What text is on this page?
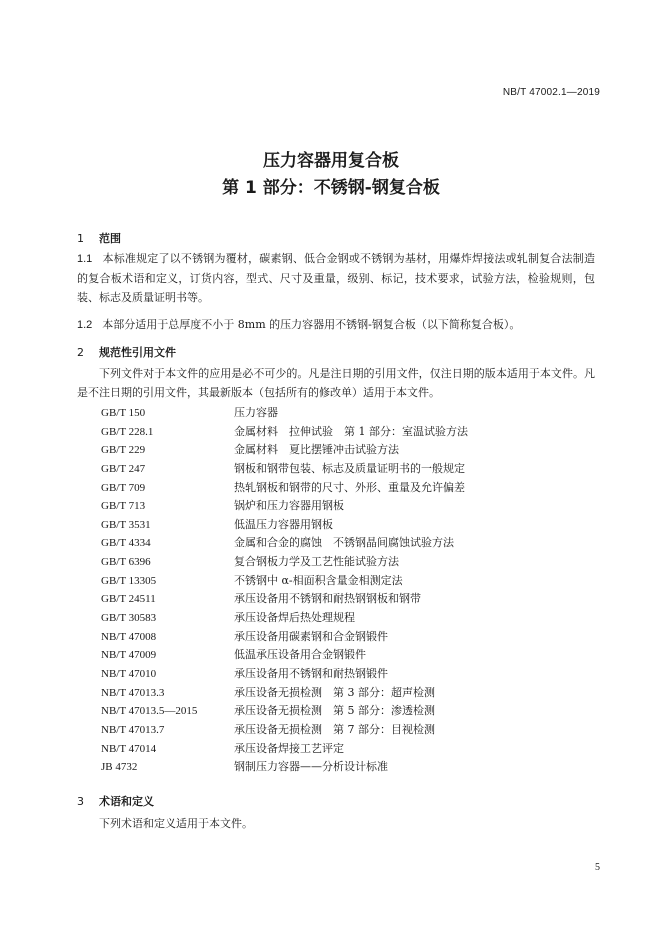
NB/T 47002.1—2019
压力容器用复合板
第 1 部分：不锈钢-钢复合板
1 范围
1.1 本标准规定了以不锈钢为覆材，碳素钢、低合金钢或不锈钢为基材，用爆炸焊接法或轧制复合法制造的复合板术语和定义，订货内容，型式、尺寸及重量，级别、标记，技术要求，试验方法，检验规则，包装、标志及质量证明书等。
1.2 本部分适用于总厚度不小于 8mm 的压力容器用不锈钢-钢复合板（以下简称复合板）。
2 规范性引用文件
下列文件对于本文件的应用是必不可少的。凡是注日期的引用文件，仅注日期的版本适用于本文件。凡是不注日期的引用文件，其最新版本（包括所有的修改单）适用于本文件。
GB/T 150	压力容器
GB/T 228.1	金属材料　拉伸试验　第 1 部分：室温试验方法
GB/T 229	金属材料　夏比摆锤冲击试验方法
GB/T 247	钢板和钢带包装、标志及质量证明书的一般规定
GB/T 709	热轧钢板和钢带的尺寸、外形、重量及允许偏差
GB/T 713	锅炉和压力容器用钢板
GB/T 3531	低温压力容器用钢板
GB/T 4334	金属和合金的腐蚀　不锈钢晶间腐蚀试验方法
GB/T 6396	复合钢板力学及工艺性能试验方法
GB/T 13305	不锈钢中 α-相面积含量金相测定法
GB/T 24511	承压设备用不锈钢和耐热钢钢板和钢带
GB/T 30583	承压设备焊后热处理规程
NB/T 47008	承压设备用碳素钢和合金钢锻件
NB/T 47009	低温承压设备用合金钢锻件
NB/T 47010	承压设备用不锈钢和耐热钢锻件
NB/T 47013.3	承压设备无损检测　第 3 部分：超声检测
NB/T 47013.5—2015	承压设备无损检测　第 5 部分：渗透检测
NB/T 47013.7	承压设备无损检测　第 7 部分：目视检测
NB/T 47014	承压设备焊接工艺评定
JB 4732	钢制压力容器——分析设计标准
3 术语和定义
下列术语和定义适用于本文件。
5
